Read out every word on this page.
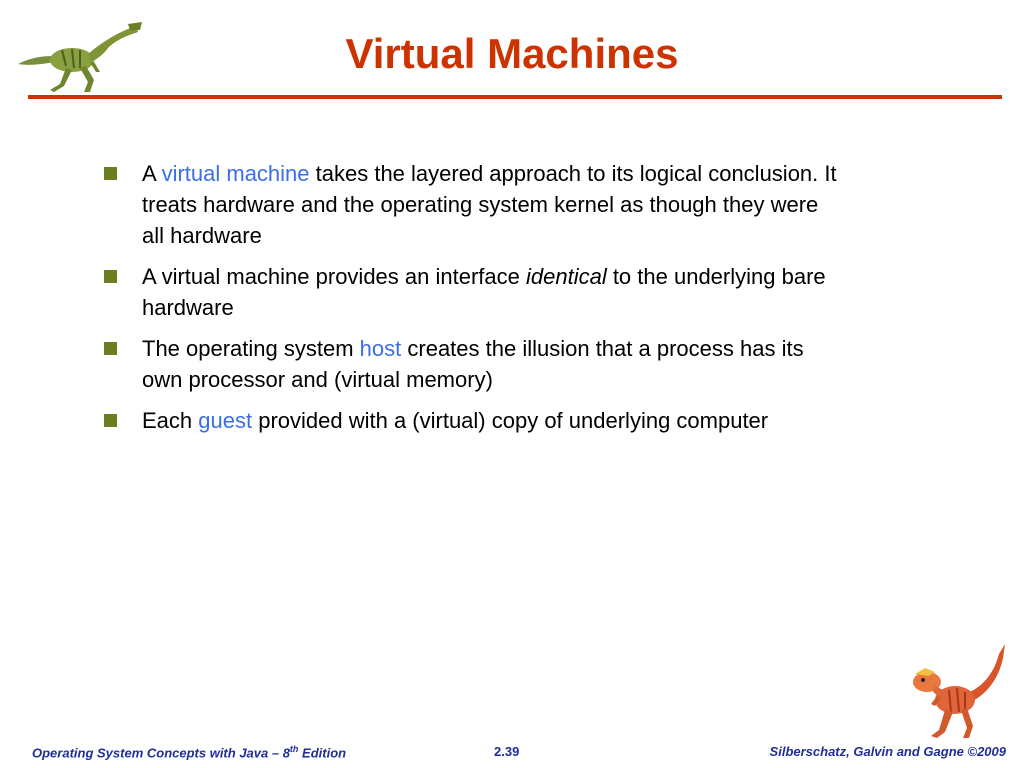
Virtual Machines
A virtual machine takes the layered approach to its logical conclusion. It treats hardware and the operating system kernel as though they were all hardware
A virtual machine provides an interface identical to the underlying bare hardware
The operating system host creates the illusion that a process has its own processor and (virtual memory)
Each guest provided with a (virtual) copy of underlying computer
Operating System Concepts with Java – 8th Edition	2.39	Silberschatz, Galvin and Gagne ©2009
